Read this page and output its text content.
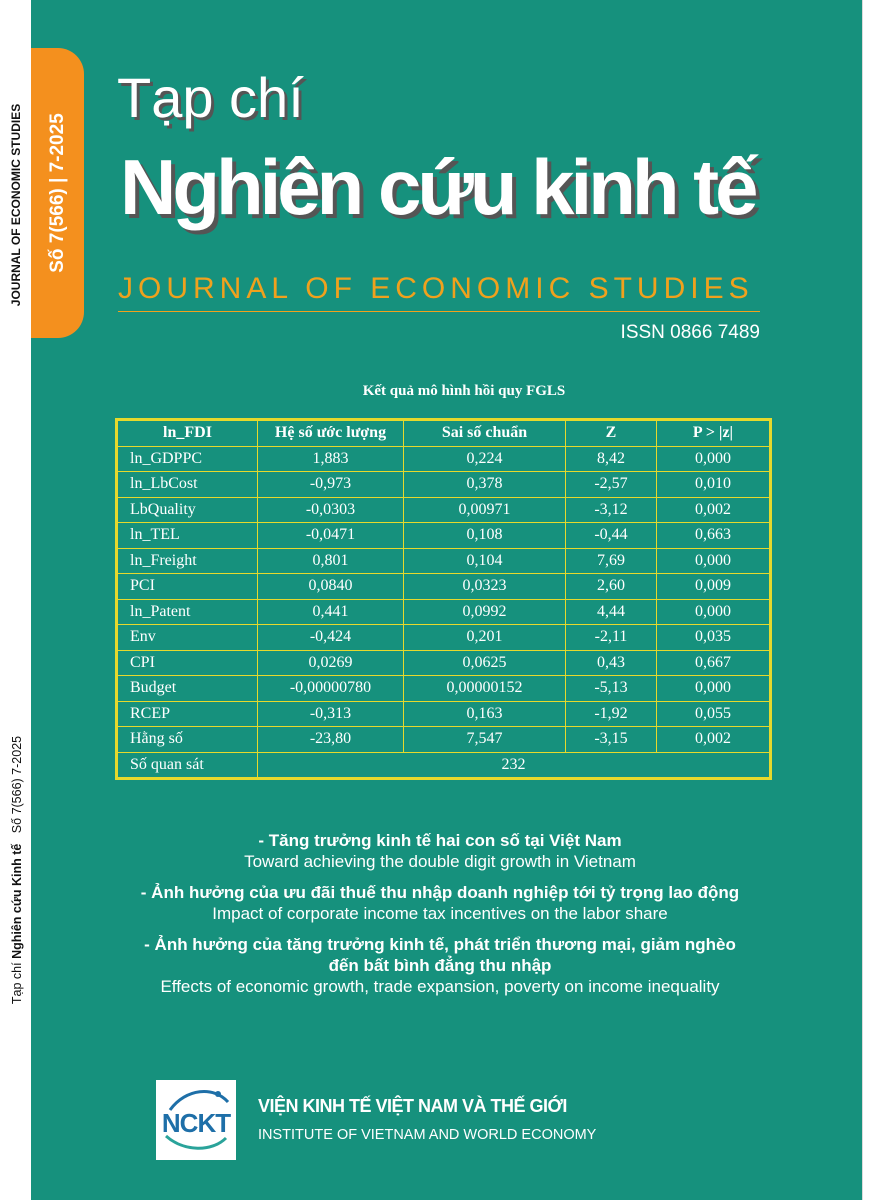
JOURNAL OF ECONOMIC STUDIES
Tạp chí Nghiên cứu Kinh tế   Số 7(566) 7-2025
Tạp chí
Nghiên cứu kinh tế
JOURNAL OF ECONOMIC STUDIES
ISSN 0866 7489
Kết quả mô hình hồi quy FGLS
ln_FDI	Hệ số ước lượng	Sai số chuẩn	Z	P > |z|
ln_GDPPC	1,883	0,224	8,42	0,000
ln_LbCost	-0,973	0,378	-2,57	0,010
LbQuality	-0,0303	0,00971	-3,12	0,002
ln_TEL	-0,0471	0,108	-0,44	0,663
ln_Freight	0,801	0,104	7,69	0,000
PCI	0,0840	0,0323	2,60	0,009
ln_Patent	0,441	0,0992	4,44	0,000
Env	-0,424	0,201	-2,11	0,035
CPI	0,0269	0,0625	0,43	0,667
Budget	-0,00000780	0,00000152	-5,13	0,000
RCEP	-0,313	0,163	-1,92	0,055
Hằng số	-23,80	7,547	-3,15	0,002
Số quan sát	232			
- Tăng trưởng kinh tế hai con số tại Việt Nam
Toward achieving the double digit growth in Vietnam
- Ảnh hưởng của ưu đãi thuế thu nhập doanh nghiệp tới tỷ trọng lao động
Impact of corporate income tax incentives on the labor share
- Ảnh hưởng của tăng trưởng kinh tế, phát triển thương mại, giảm nghèo
đến bất bình đẳng thu nhập
Effects of economic growth, trade expansion, poverty on income inequality
NCKT
VIỆN KINH TẾ VIỆT NAM VÀ THẾ GIỚI
INSTITUTE OF VIETNAM AND WORLD ECONOMY
Số 7(566) | 7-2025
